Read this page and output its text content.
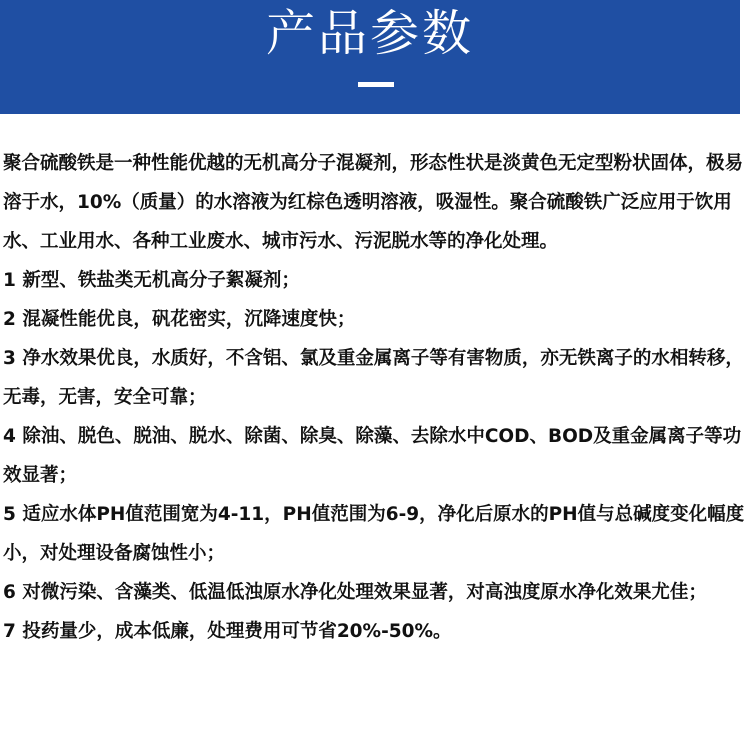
产品参数

聚合硫酸铁是一种性能优越的无机高分子混凝剂，形态性状是淡黄色无定型粉状固体，极易溶于水，10%（质量）的水溶液为红棕色透明溶液，吸湿性。聚合硫酸铁广泛应用于饮用水、工业用水、各种工业废水、城市污水、污泥脱水等的净化处理。

1 新型、铁盐类无机高分子絮凝剂；

2 混凝性能优良，矾花密实，沉降速度快；

3 净水效果优良，水质好，不含铝、氯及重金属离子等有害物质，亦无铁离子的水相转移，无毒，无害，安全可靠；

4 除油、脱色、脱油、脱水、除菌、除臭、除藻、去除水中COD、BOD及重金属离子等功效显著；

5 适应水体PH值范围宽为4-11，PH值范围为6-9，净化后原水的PH值与总碱度变化幅度小，对处理设备腐蚀性小；

6 对微污染、含藻类、低温低浊原水净化处理效果显著，对高浊度原水净化效果尤佳；

7 投药量少，成本低廉，处理费用可节省20%-50%。
